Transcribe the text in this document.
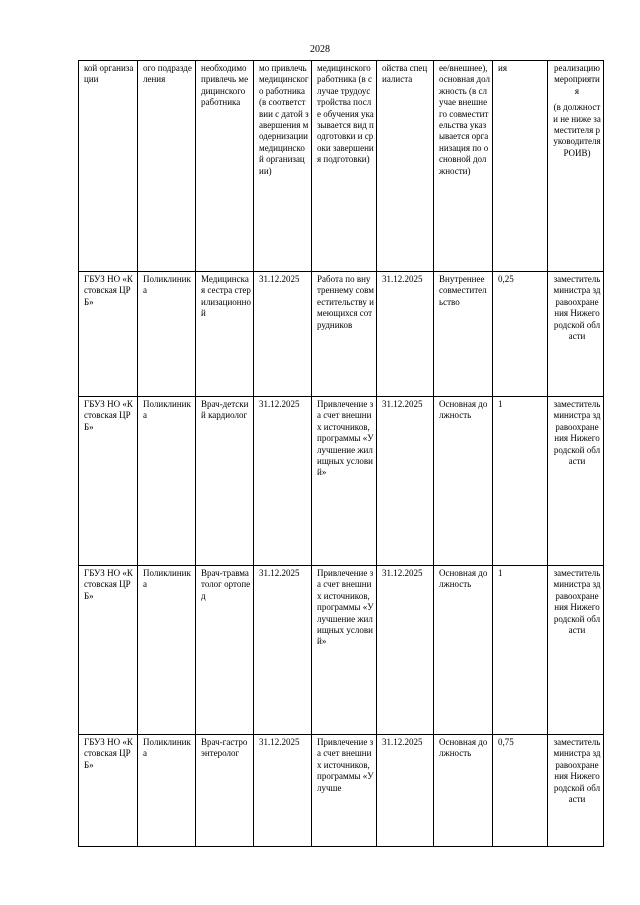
2028
кой организации	ого подразделения	необходимо привлечь медицинского работника	мо привлечь медицинского работника (в соответствии с датой завершения модернизации медицинской организации)	медицинского работника (в случае трудоустройства после обучения указывается вид подготовки и сроки завершения подготовки)	ойства специалиста	ее/внешнее), основная должность (в случае внешнего совместительства указывается организация по основной должности)	ия	реализацию мероприятия
(в должности не ниже заместителя руководителя РОИВ)

ГБУЗ НО «Кстовская ЦРБ»	Поликлиника	Медицинская сестра стерилизационной	31.12.2025	Работа по внутреннему совместительству имеющихся сотрудников	31.12.2025	Внутреннее совместительство	0,25	заместитель министра здравоохранения Нижегородской области
ГБУЗ НО «Кстовская ЦРБ»	Поликлиника	Врач-детский кардиолог	31.12.2025	Привлечение за счет внешних источников, программы «Улучшение жилищных условий»	31.12.2025	Основная должность	1	заместитель министра здравоохранения Нижегородской области
ГБУЗ НО «Кстовская ЦРБ»	Поликлиника	Врач-травматолог ортопед	31.12.2025	Привлечение за счет внешних источников, программы «Улучшение жилищных условий»	31.12.2025	Основная должность	1	заместитель министра здравоохранения Нижегородской области
ГБУЗ НО «Кстовская ЦРБ»	Поликлиника	Врач-гастроэнтеролог	31.12.2025	Привлечение за счет внешних источников, программы «Улучше	31.12.2025	Основная должность	0,75	заместитель министра здравоохранения Нижегородской области
